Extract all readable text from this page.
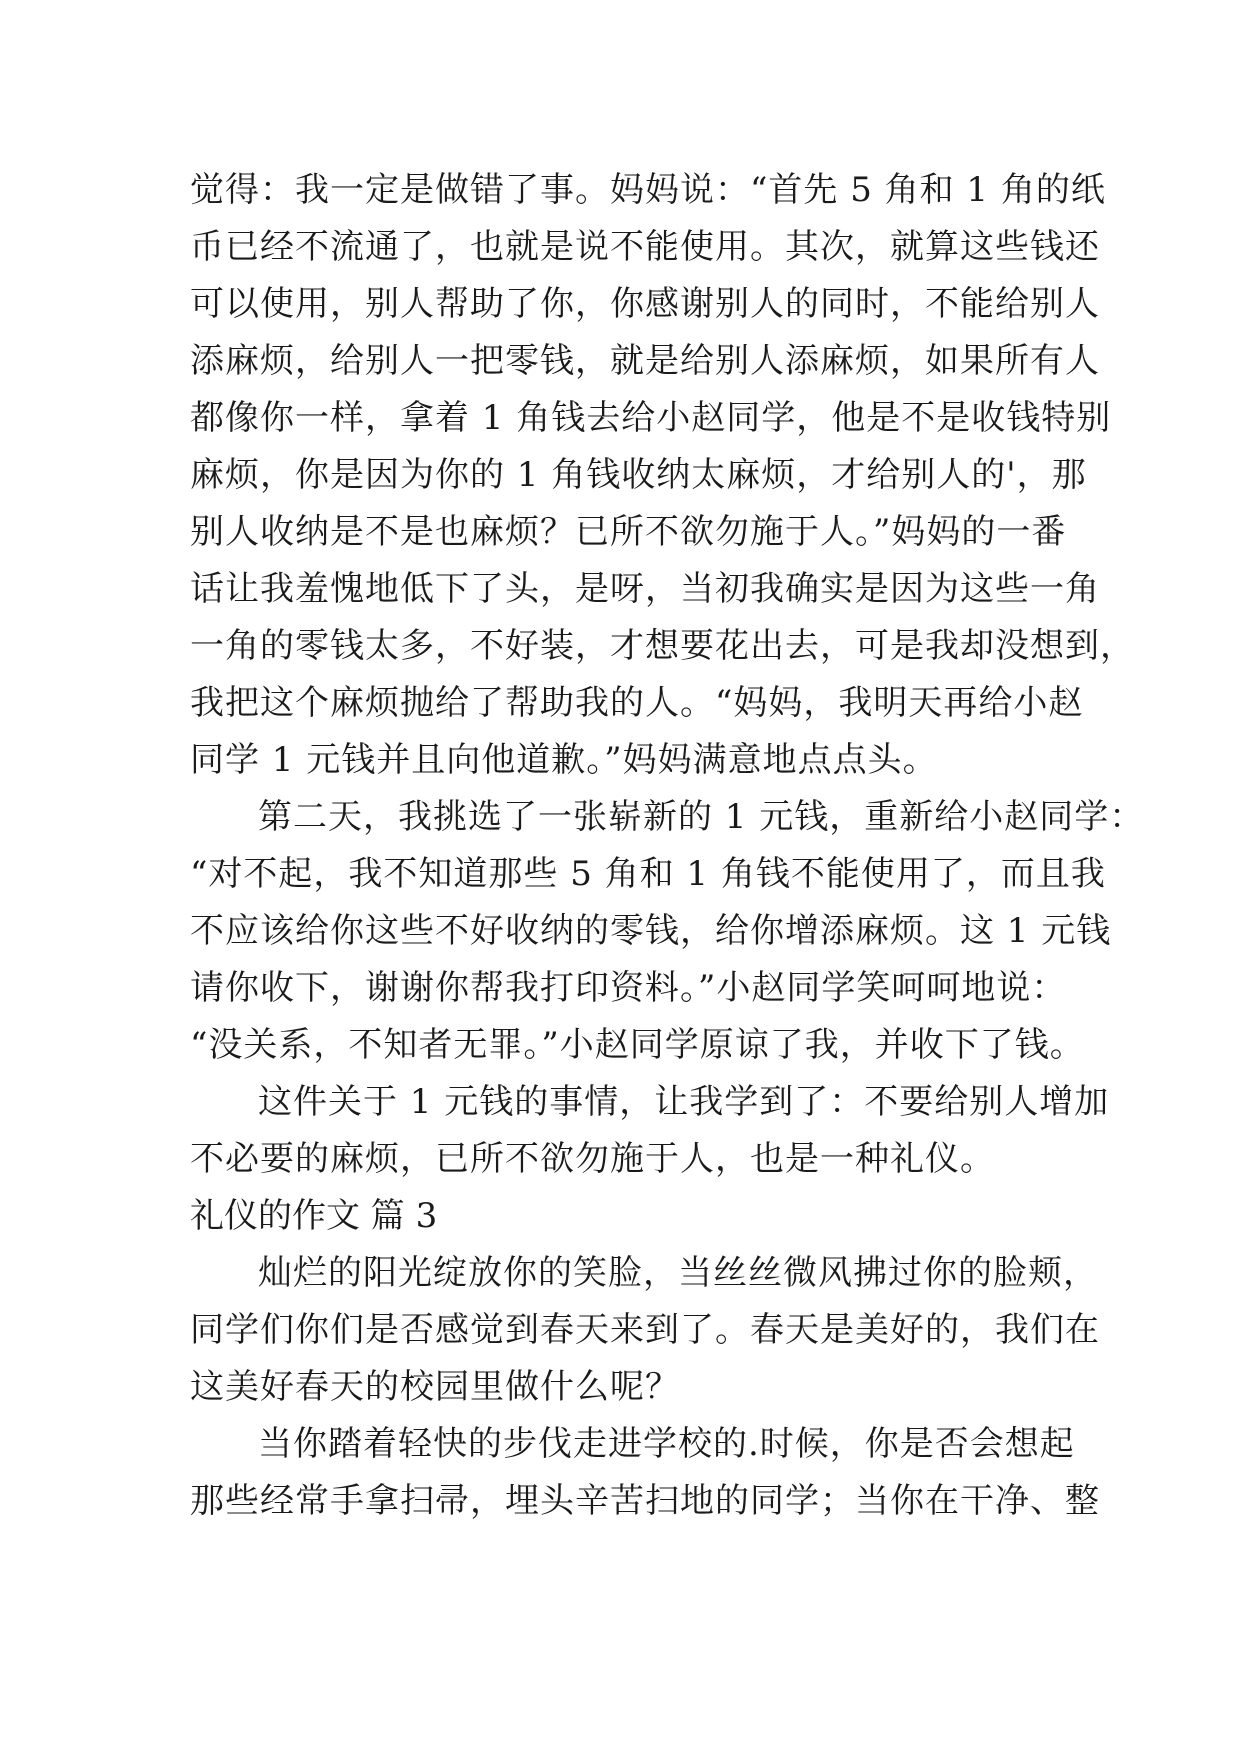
觉得：我一定是做错了事。妈妈说：“首先 5 角和 1 角的纸
币已经不流通了，也就是说不能使用。其次，就算这些钱还
可以使用，别人帮助了你，你感谢别人的同时，不能给别人
添麻烦，给别人一把零钱，就是给别人添麻烦，如果所有人
都像你一样，拿着 1 角钱去给小赵同学，他是不是收钱特别
麻烦，你是因为你的 1 角钱收纳太麻烦，才给别人的'，那
别人收纳是不是也麻烦？已所不欲勿施于人。”妈妈的一番
话让我羞愧地低下了头，是呀，当初我确实是因为这些一角
一角的零钱太多，不好装，才想要花出去，可是我却没想到，
我把这个麻烦抛给了帮助我的人。“妈妈，我明天再给小赵
同学 1 元钱并且向他道歉。”妈妈满意地点点头。
第二天，我挑选了一张崭新的 1 元钱，重新给小赵同学：
“对不起，我不知道那些 5 角和 1 角钱不能使用了，而且我
不应该给你这些不好收纳的零钱，给你增添麻烦。这 1 元钱
请你收下，谢谢你帮我打印资料。”小赵同学笑呵呵地说：
“没关系，不知者无罪。”小赵同学原谅了我，并收下了钱。
这件关于 1 元钱的事情，让我学到了：不要给别人增加
不必要的麻烦，已所不欲勿施于人，也是一种礼仪。
礼仪的作文 篇 3
灿烂的阳光绽放你的笑脸，当丝丝微风拂过你的脸颊，
同学们你们是否感觉到春天来到了。春天是美好的，我们在
这美好春天的校园里做什么呢？
当你踏着轻快的步伐走进学校的.时候，你是否会想起
那些经常手拿扫帚，埋头辛苦扫地的同学；当你在干净、整
